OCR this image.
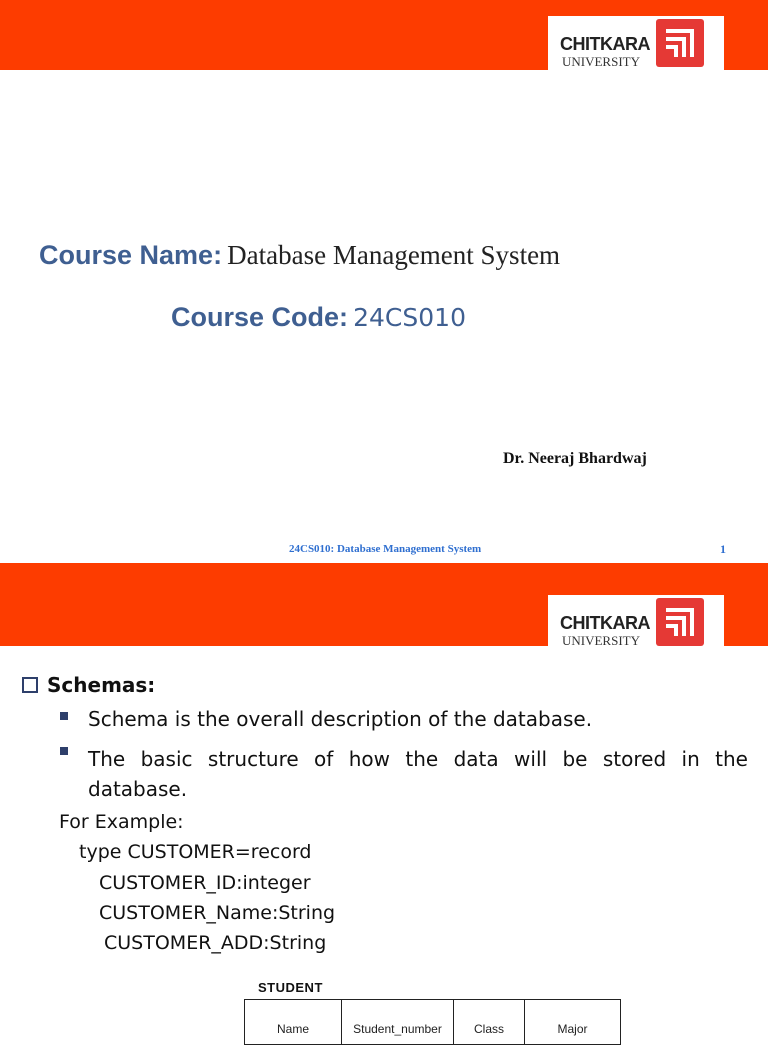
CHITKARA
UNIVERSITY
Course Name: Database Management System
Course Code: 24CS010
Dr. Neeraj Bhardwaj
24CS010: Database Management System	1
CHITKARA
UNIVERSITY
Schemas:
Schema is the overall description of the database.
The basic structure of how the data will be stored in the
database.
For Example:
type CUSTOMER=record
CUSTOMER_ID:integer
CUSTOMER_Name:String
CUSTOMER_ADD:String
STUDENT
Name	Student_number	Class	Major
